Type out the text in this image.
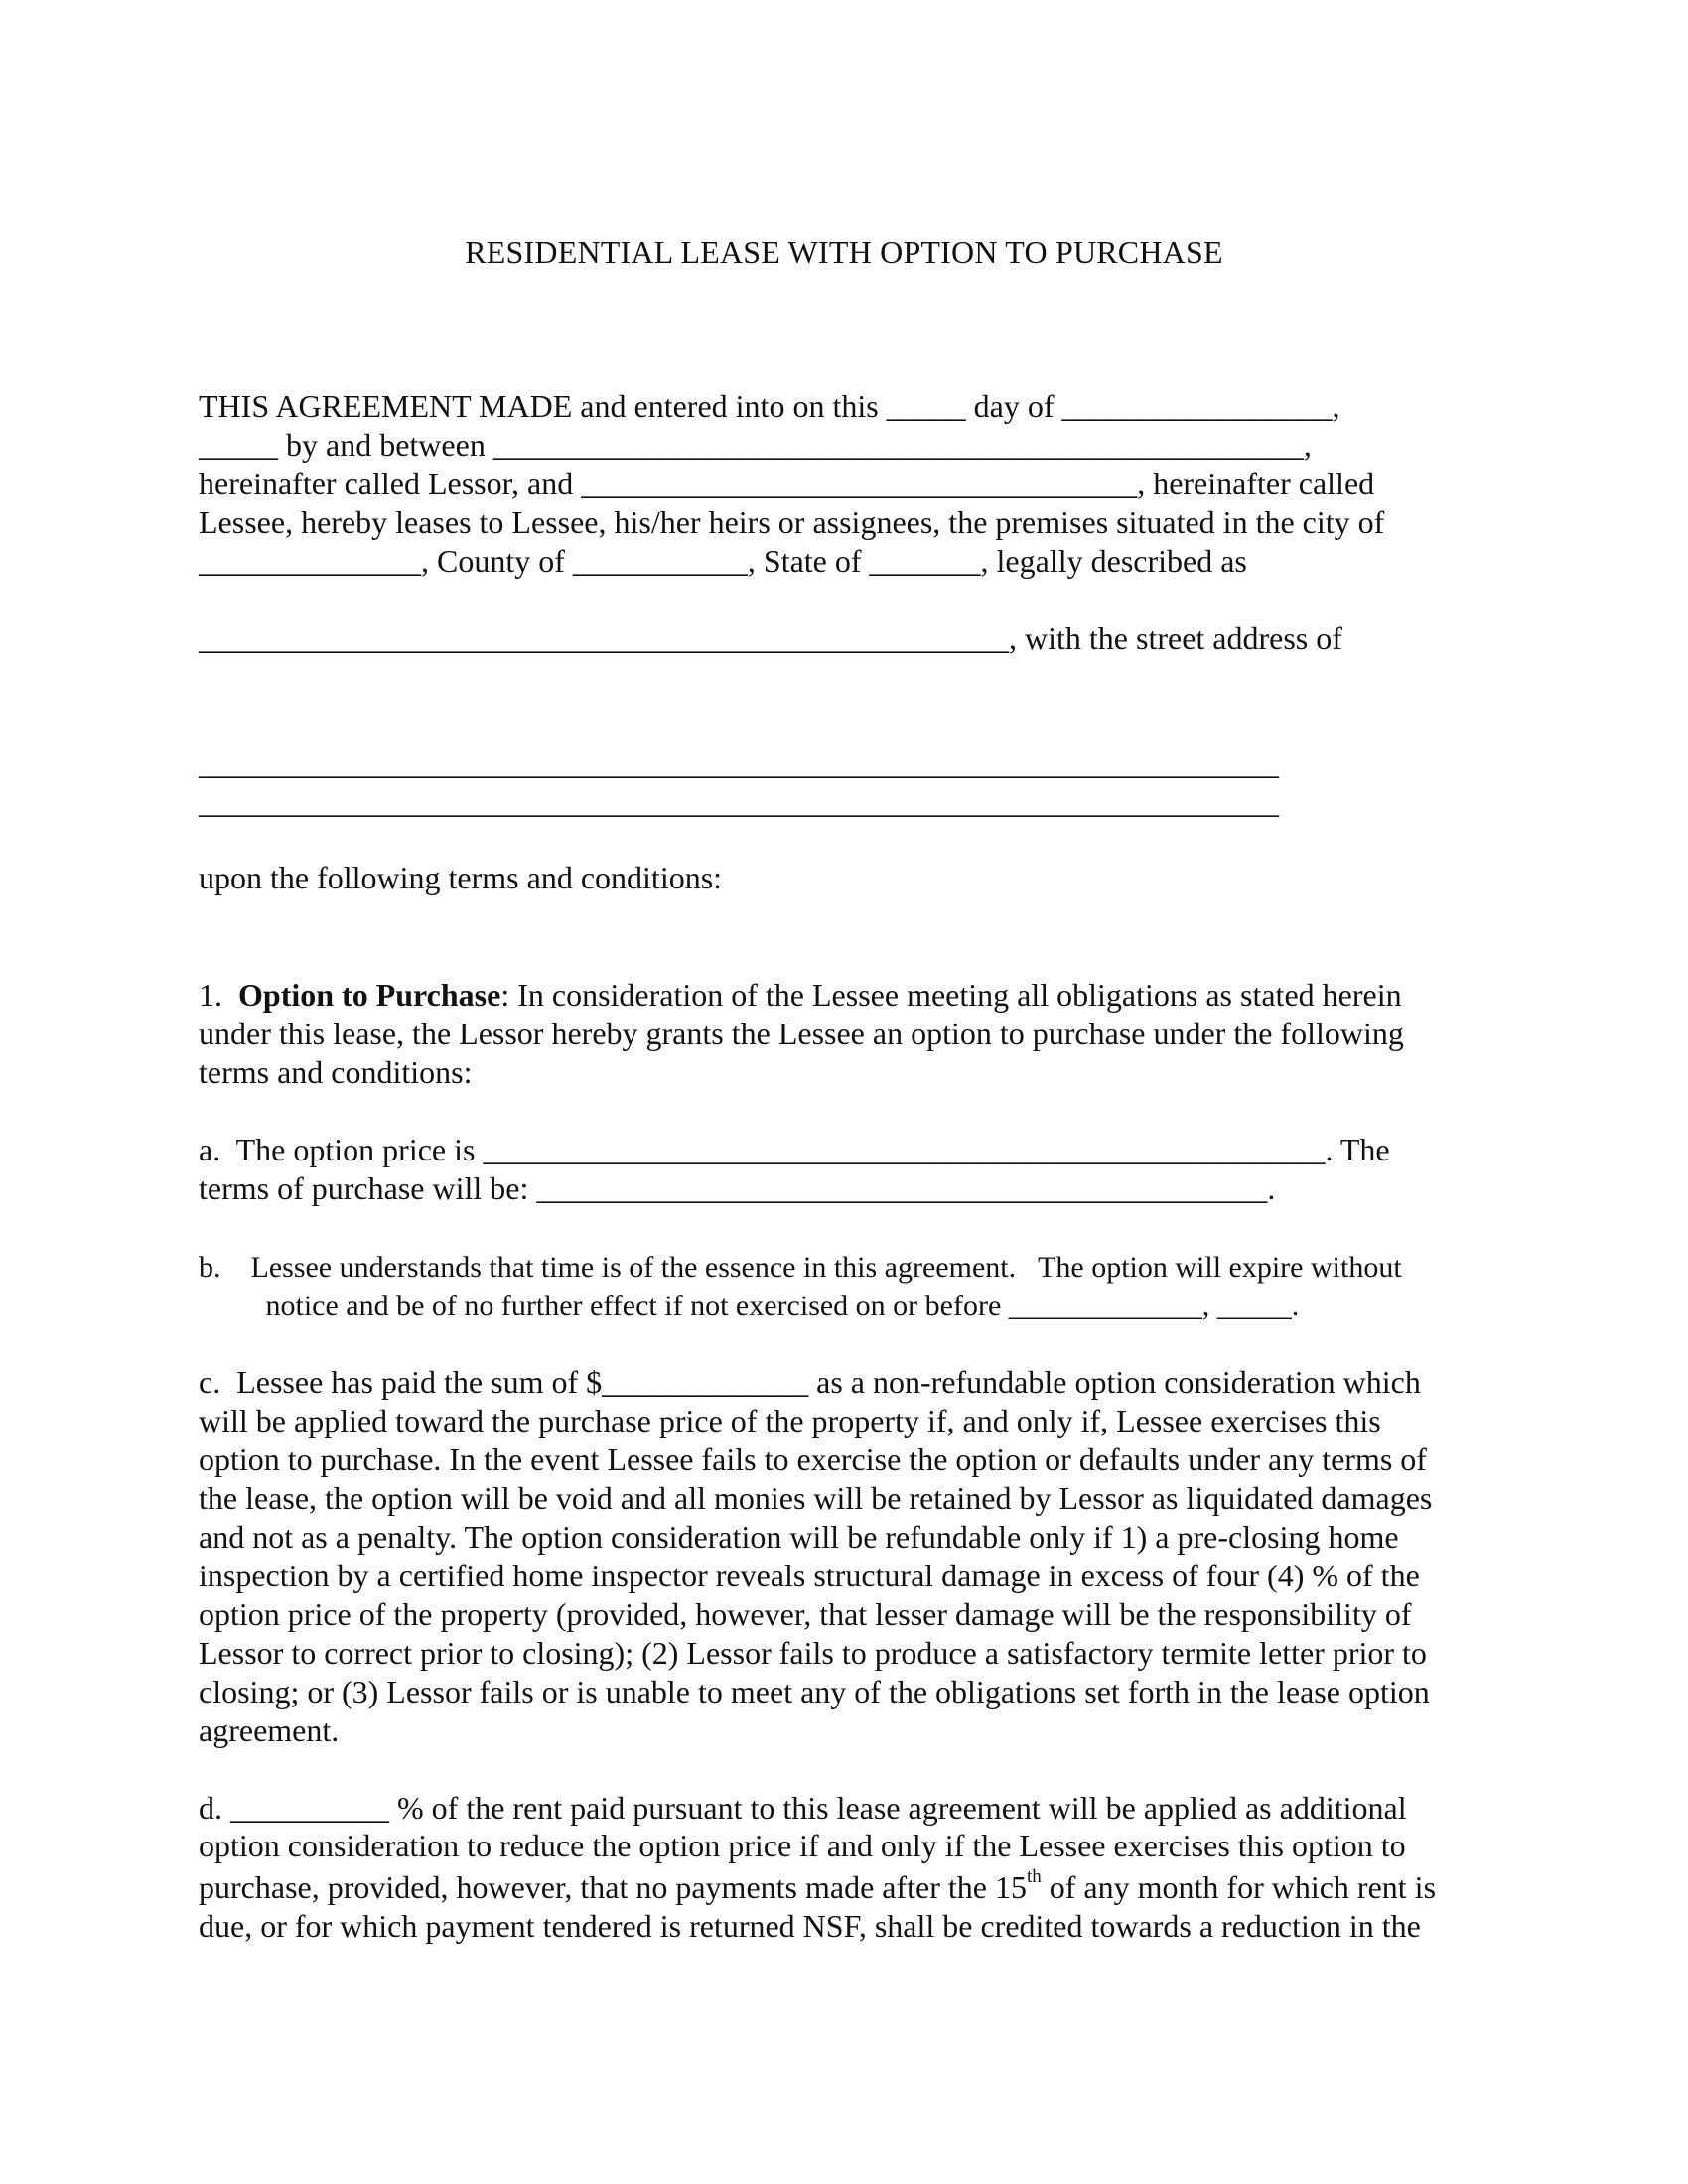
RESIDENTIAL LEASE WITH OPTION TO PURCHASE
THIS AGREEMENT MADE and entered into on this _____ day of _________________,
_____ by and between ___________________________________________________,
hereinafter called Lessor, and ___________________________________, hereinafter called
Lessee, hereby leases to Lessee, his/her heirs or assignees, the premises situated in the city of
______________, County of ___________, State of _______, legally described as
___________________________________________________, with the street address of
____________________________________________________________________
____________________________________________________________________
upon the following terms and conditions:
1. Option to Purchase: In consideration of the Lessee meeting all obligations as stated herein
under this lease, the Lessor hereby grants the Lessee an option to purchase under the following
terms and conditions:
a.  The option price is _____________________________________________________. The
terms of purchase will be: ______________________________________________.
b.    Lessee understands that time is of the essence in this agreement.   The option will expire without
notice and be of no further effect if not exercised on or before _____________, _____.
c.  Lessee has paid the sum of $_____________ as a non-refundable option consideration which
will be applied toward the purchase price of the property if, and only if, Lessee exercises this
option to purchase. In the event Lessee fails to exercise the option or defaults under any terms of
the lease, the option will be void and all monies will be retained by Lessor as liquidated damages
and not as a penalty. The option consideration will be refundable only if 1) a pre-closing home
inspection by a certified home inspector reveals structural damage in excess of four (4) % of the
option price of the property (provided, however, that lesser damage will be the responsibility of
Lessor to correct prior to closing); (2) Lessor fails to produce a satisfactory termite letter prior to
closing; or (3) Lessor fails or is unable to meet any of the obligations set forth in the lease option
agreement.
d. __________ % of the rent paid pursuant to this lease agreement will be applied as additional
option consideration to reduce the option price if and only if the Lessee exercises this option to
purchase, provided, however, that no payments made after the 15th of any month for which rent is
due, or for which payment tendered is returned NSF, shall be credited towards a reduction in the
